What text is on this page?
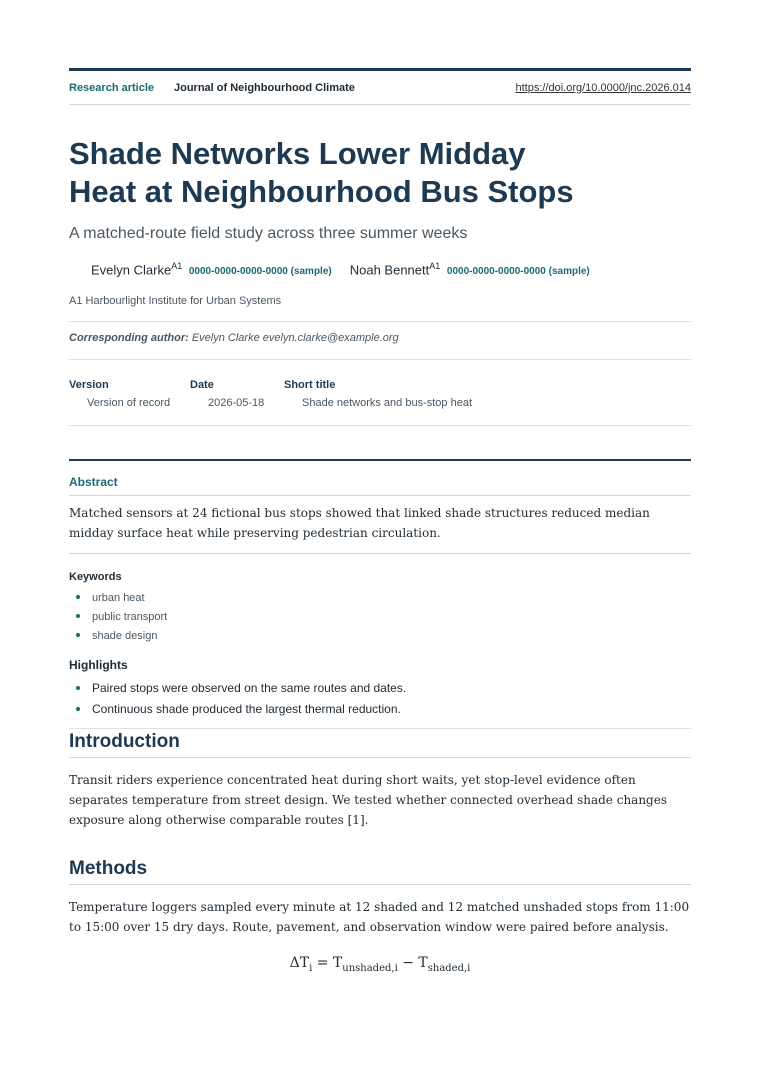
Research article Journal of Neighbourhood Climate	https://doi.org/10.0000/jnc.2026.014
Shade Networks Lower Midday
Heat at Neighbourhood Bus Stops
A matched-route field study across three summer weeks
Evelyn Clarke$^{A1}$ 0000-0000-0000-0000 (sample) Noah Bennett$^{A1}$ 0000-0000-0000-0000 (sample)
A1 Harbourlight Institute for Urban Systems
Corresponding author: Evelyn Clarke evelyn.clarke@example.org
Version
Version of record
Date
2026-05-18
Short title
Shade networks and bus-stop heat
Abstract
Matched sensors at 24 fictional bus stops showed that linked shade structures reduced median midday surface heat while preserving pedestrian circulation.
Keywords
urban heat
public transport
shade design
Highlights
Paired stops were observed on the same routes and dates.
Continuous shade produced the largest thermal reduction.
Introduction
Transit riders experience concentrated heat during short waits, yet stop-level evidence often separates temperature from street design. We tested whether connected overhead shade changes exposure along otherwise comparable routes [1].
Methods
Temperature loggers sampled every minute at 12 shaded and 12 matched unshaded stops from 11:00 to 15:00 over 15 dry days. Route, pavement, and observation window were paired before analysis.
$\Delta T_i = T_{unshaded,i} - T_{shaded,i}$
